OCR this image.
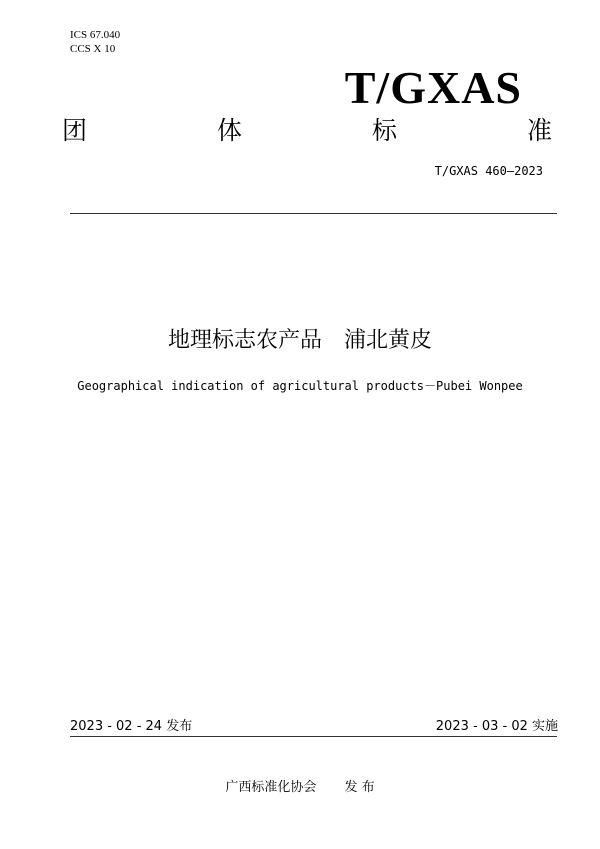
ICS 67.040
CCS X 10
T/GXAS
团	体	标	准
T/GXAS 460—2023
地理标志农产品 浦北黄皮
Geographical indication of agricultural products－Pubei Wonpee
2023 - 02 - 24 发布	2023 - 03 - 02 实施
广西标准化协会 发 布
